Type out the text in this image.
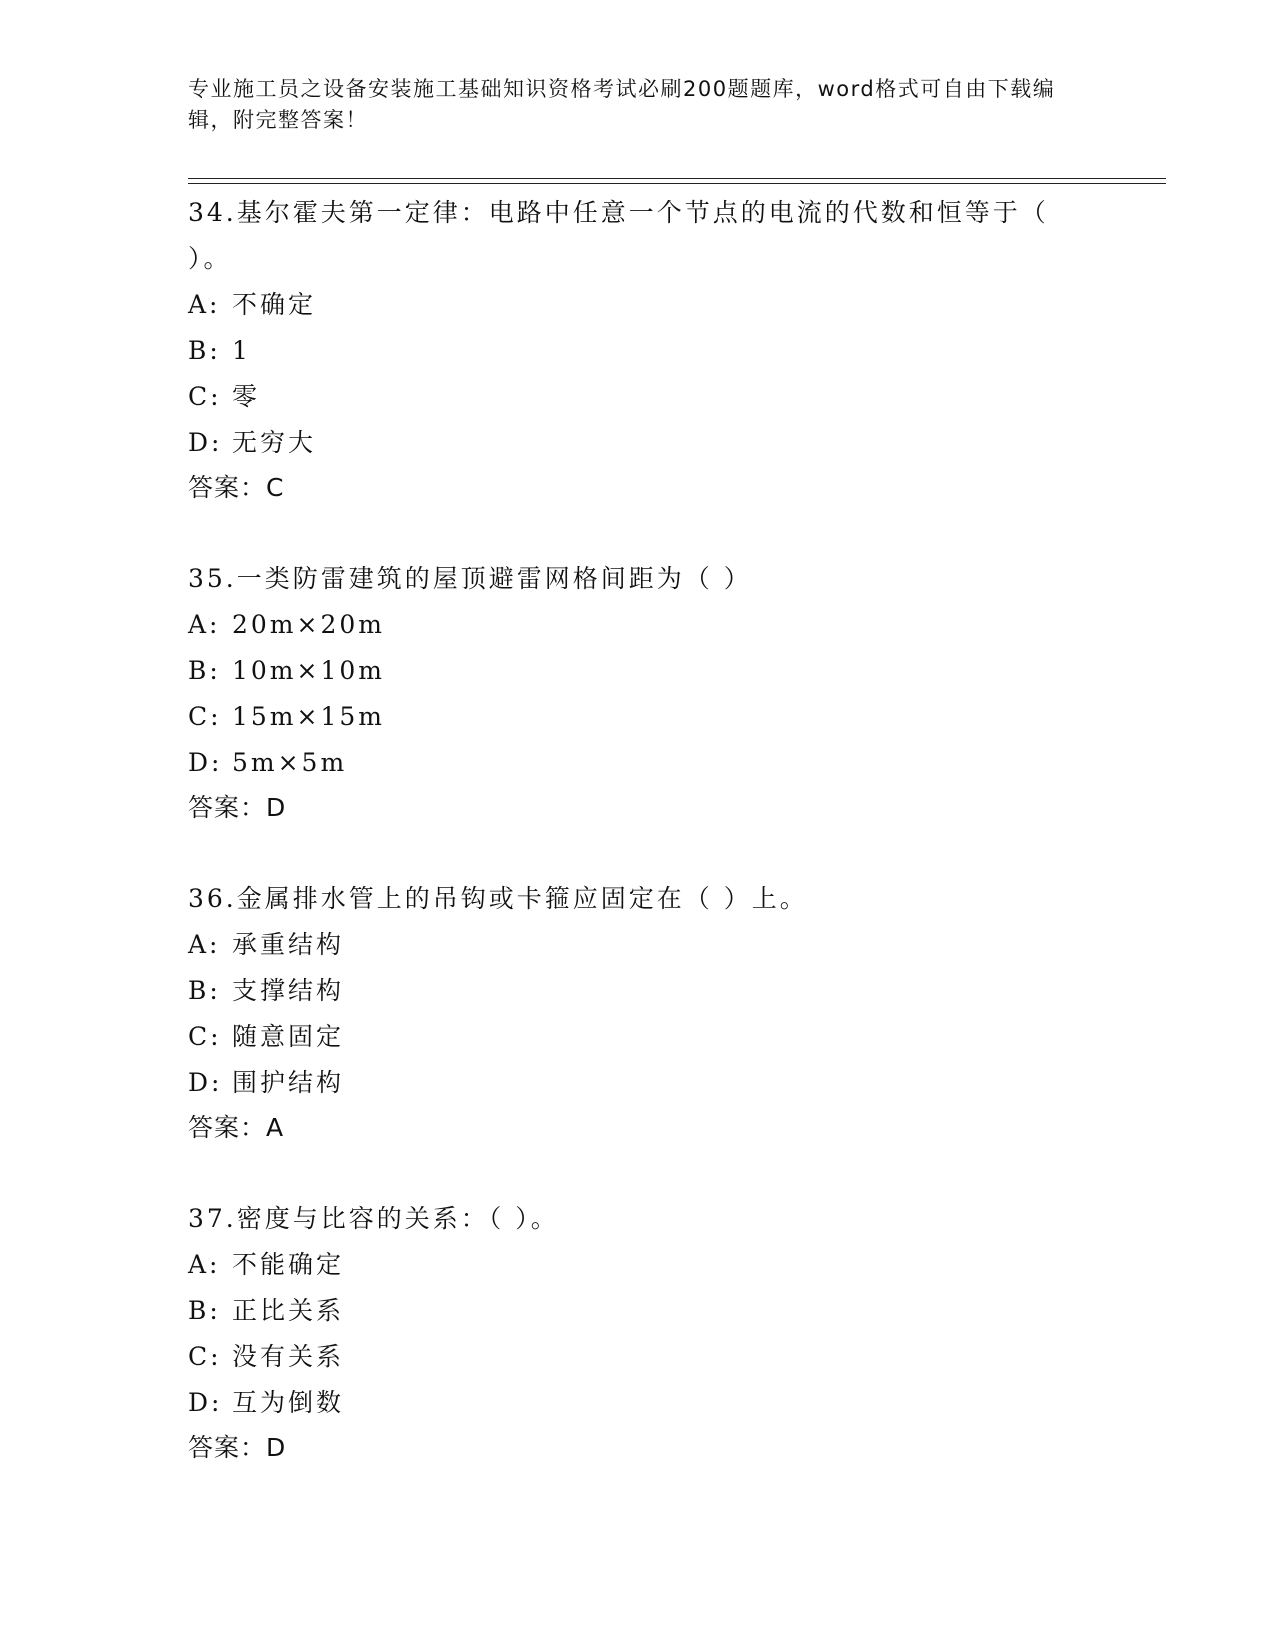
专业施工员之设备安装施工基础知识资格考试必刷200题题库，word格式可自由下载编辑，附完整答案！
34.基尔霍夫第一定律：电路中任意一个节点的电流的代数和恒等于（ ）。
A: 不确定
B: 1
C: 零
D: 无穷大
答案：C
35.一类防雷建筑的屋顶避雷网格间距为（ ）
A: 20m×20m
B: 10m×10m
C: 15m×15m
D: 5m×5m
答案：D
36.金属排水管上的吊钩或卡箍应固定在（ ）上。
A: 承重结构
B: 支撑结构
C: 随意固定
D: 围护结构
答案：A
37.密度与比容的关系：（ ）。
A: 不能确定
B: 正比关系
C: 没有关系
D: 互为倒数
答案：D
